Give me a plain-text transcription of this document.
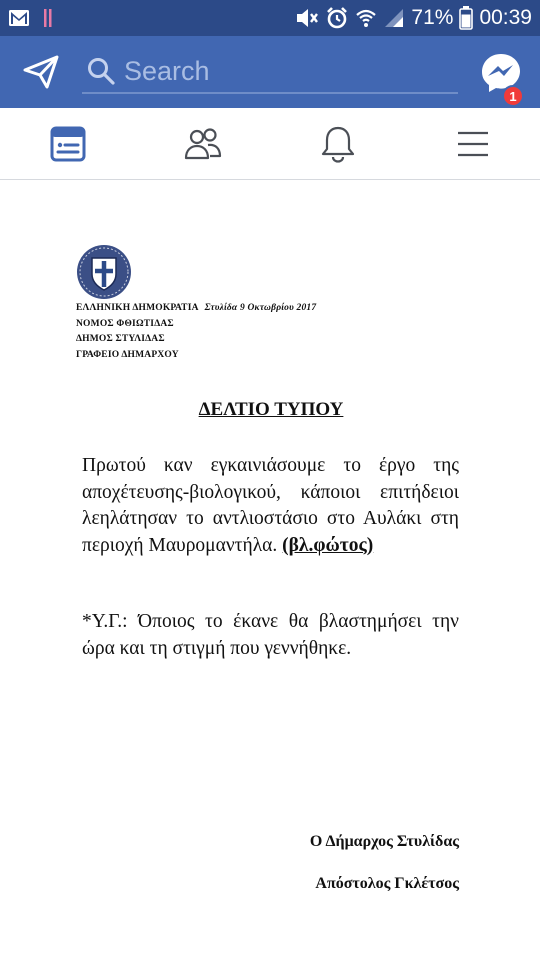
71% 00:39
Search
1
ΕΛΛΗΝΙΚΗ ΔΗΜΟΚΡΑΤΙΑ Στυλίδα 9 Οκτωβρίου 2017
ΝΟΜΟΣ ΦΘΙΩΤΙΔΑΣ
ΔΗΜΟΣ ΣΤΥΛΙΔΑΣ
ΓΡΑΦΕΙΟ ΔΗΜΑΡΧΟΥ
ΔΕΛΤΙΟ ΤΥΠΟΥ
Πρωτού καν εγκαινιάσουμε το έργο της αποχέτευσης-βιολογικού, κάποιοι επιτήδειοι λεηλάτησαν το αντλιοστάσιο στο Αυλάκι στη περιοχή Μαυρομαντήλα. (βλ.φώτος)
*Υ.Γ.: Όποιος το έκανε θα βλαστημήσει την ώρα και τη στιγμή που γεννήθηκε.
Ο Δήμαρχος Στυλίδας
Απόστολος Γκλέτσος
